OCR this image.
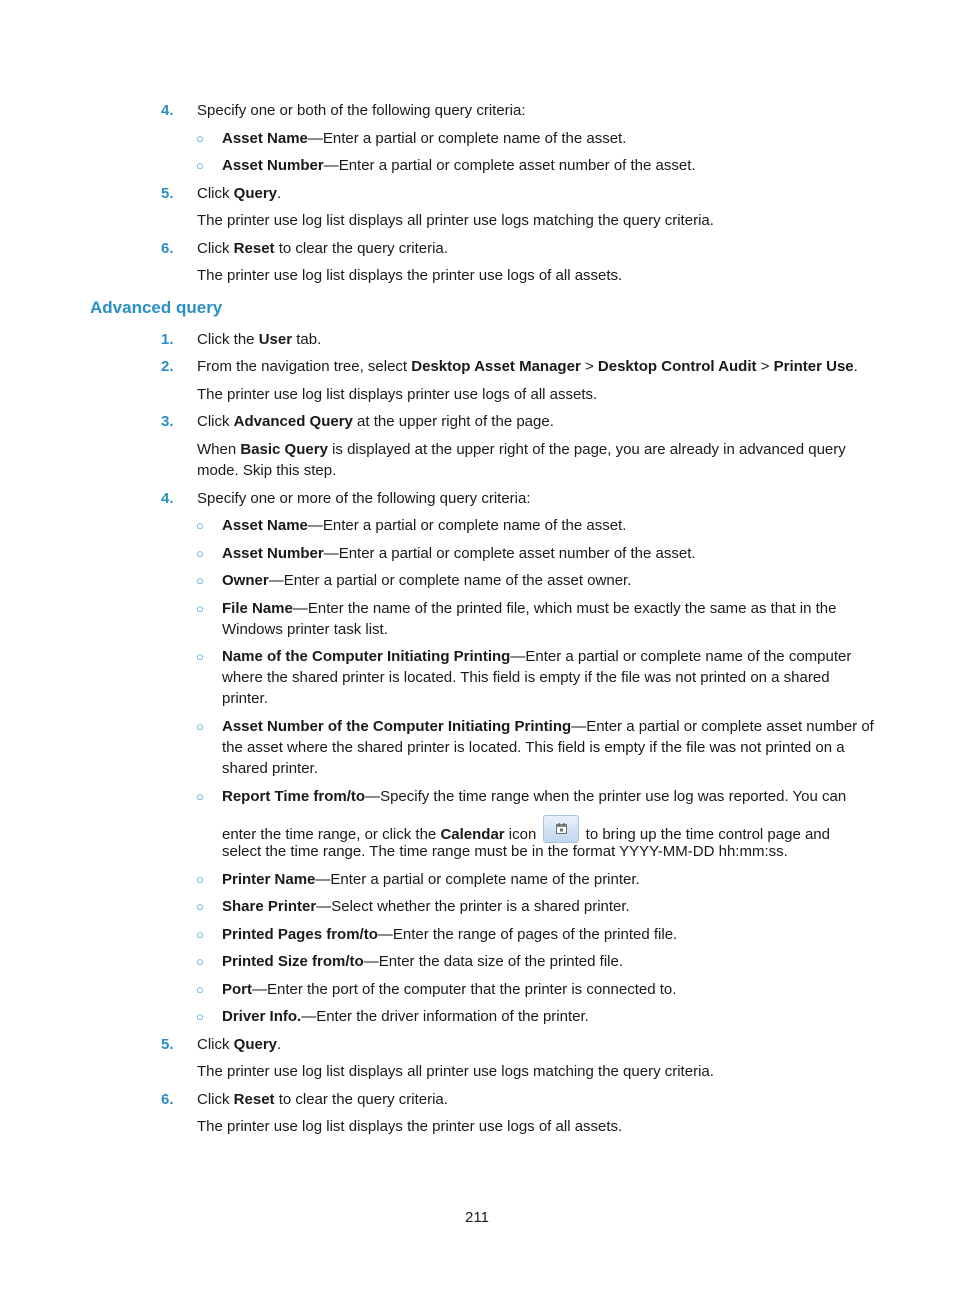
4. Specify one or both of the following query criteria:
○ Asset Name—Enter a partial or complete name of the asset.
○ Asset Number—Enter a partial or complete asset number of the asset.
5. Click Query.
The printer use log list displays all printer use logs matching the query criteria.
6. Click Reset to clear the query criteria.
The printer use log list displays the printer use logs of all assets.
Advanced query
1. Click the User tab.
2. From the navigation tree, select Desktop Asset Manager > Desktop Control Audit > Printer Use.
The printer use log list displays printer use logs of all assets.
3. Click Advanced Query at the upper right of the page.
When Basic Query is displayed at the upper right of the page, you are already in advanced query
mode. Skip this step.
4. Specify one or more of the following query criteria:
○ Asset Name—Enter a partial or complete name of the asset.
○ Asset Number—Enter a partial or complete asset number of the asset.
○ Owner—Enter a partial or complete name of the asset owner.
○ File Name—Enter the name of the printed file, which must be exactly the same as that in the
Windows printer task list.
○ Name of the Computer Initiating Printing—Enter a partial or complete name of the computer
where the shared printer is located. This field is empty if the file was not printed on a shared
printer.
○ Asset Number of the Computer Initiating Printing—Enter a partial or complete asset number of
the asset where the shared printer is located. This field is empty if the file was not printed on a
shared printer.
○ Report Time from/to—Specify the time range when the printer use log was reported. You can
enter the time range, or click the Calendar icon	to bring up the time control page and
select the time range. The time range must be in the format YYYY-MM-DD hh:mm:ss.
○ Printer Name—Enter a partial or complete name of the printer.
○ Share Printer—Select whether the printer is a shared printer.
○ Printed Pages from/to—Enter the range of pages of the printed file.
○ Printed Size from/to—Enter the data size of the printed file.
○ Port—Enter the port of the computer that the printer is connected to.
○ Driver Info.—Enter the driver information of the printer.
5. Click Query.
The printer use log list displays all printer use logs matching the query criteria.
6. Click Reset to clear the query criteria.
The printer use log list displays the printer use logs of all assets.
211
